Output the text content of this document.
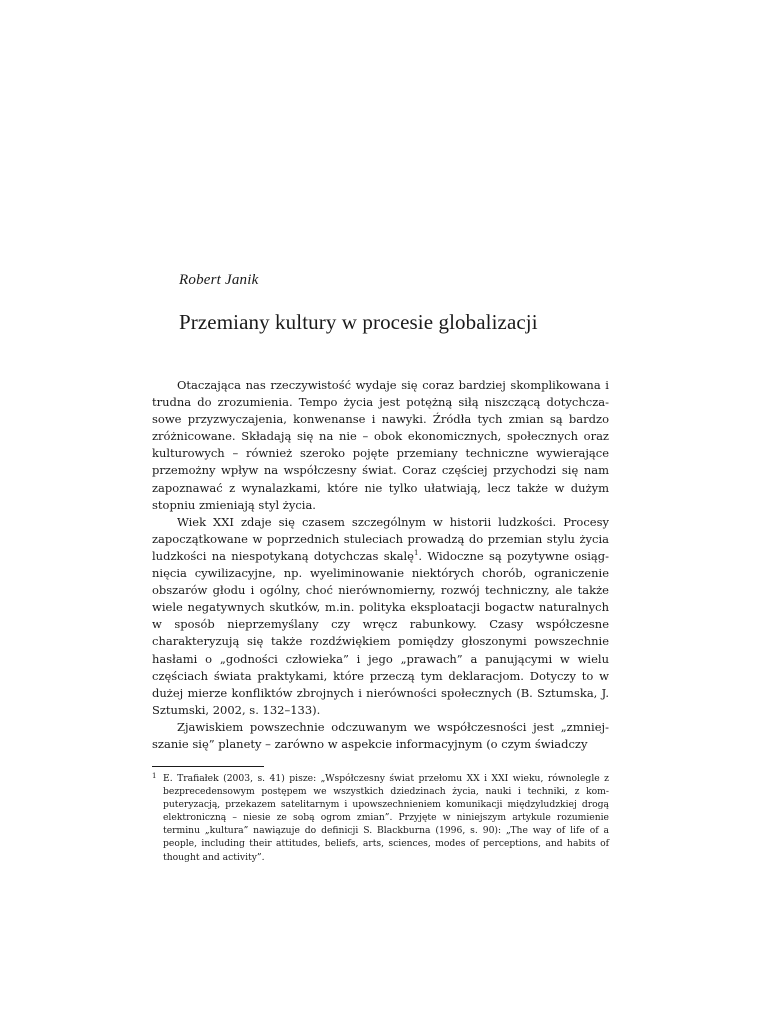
Robert Janik
Przemiany kultury w procesie globalizacji

Otaczająca nas rzeczywistość wydaje się coraz bardziej skomplikowana i trudna do zrozumienia. Tempo życia jest potężną siłą niszczącą dotychczasowe przyzwyczajenia, konwenanse i nawyki. Źródła tych zmian są bardzo zróżnicowane. Składają się na nie – obok ekonomicznych, społecznych oraz kulturowych – również szeroko pojęte przemiany techniczne wywierające przemożny wpływ na współczesny świat. Coraz częściej przychodzi się nam zapoznawać z wynalazkami, które nie tylko ułatwiają, lecz także w dużym stopniu zmieniają styl życia.

Wiek XXI zdaje się czasem szczególnym w historii ludzkości. Procesy zapoczątkowane w poprzednich stuleciach prowadzą do przemian stylu życia ludzkości na niespotykaną dotychczas skalę$^1$. Widoczne są pozytywne osiągnięcia cywilizacyjne, np. wyeliminowanie niektórych chorób, ograniczenie obszarów głodu i ogólny, choć nierównomierny, rozwój techniczny, ale także wiele negatywnych skutków, m.in. polityka eksploatacji bogactw naturalnych w sposób nieprzemyślany czy wręcz rabunkowy. Czasy współczesne charakteryzują się także rozdźwiękiem pomiędzy głoszonymi powszechnie hasłami o „godności człowieka” i jego „prawach” a panującymi w wielu częściach świata praktykami, które przeczą tym deklaracjom. Dotyczy to w dużej mierze konfliktów zbrojnych i nierówności społecznych (B. Sztumska, J. Sztumski, 2002, s. 132–133).

Zjawiskiem powszechnie odczuwanym we współczesności jest „zmniejszanie się” planety – zarówno w aspekcie informacyjnym (o czym świadczy

1 E. Trafiałek (2003, s. 41) pisze: „Współczesny świat przełomu XX i XXI wieku, równolegle z bezprecedensowym postępem we wszystkich dziedzinach życia, nauki i techniki, z komputeryzacją, przekazem satelitarnym i upowszechnieniem komunikacji międzyludzkiej drogą elektroniczną – niesie ze sobą ogrom zmian”. Przyjęte w niniejszym artykule rozumienie terminu „kultura” nawiązuje do definicji S. Blackburna (1996, s. 90): „The way of life of a people, including their attitudes, beliefs, arts, sciences, modes of perceptions, and habits of thought and activity”.
